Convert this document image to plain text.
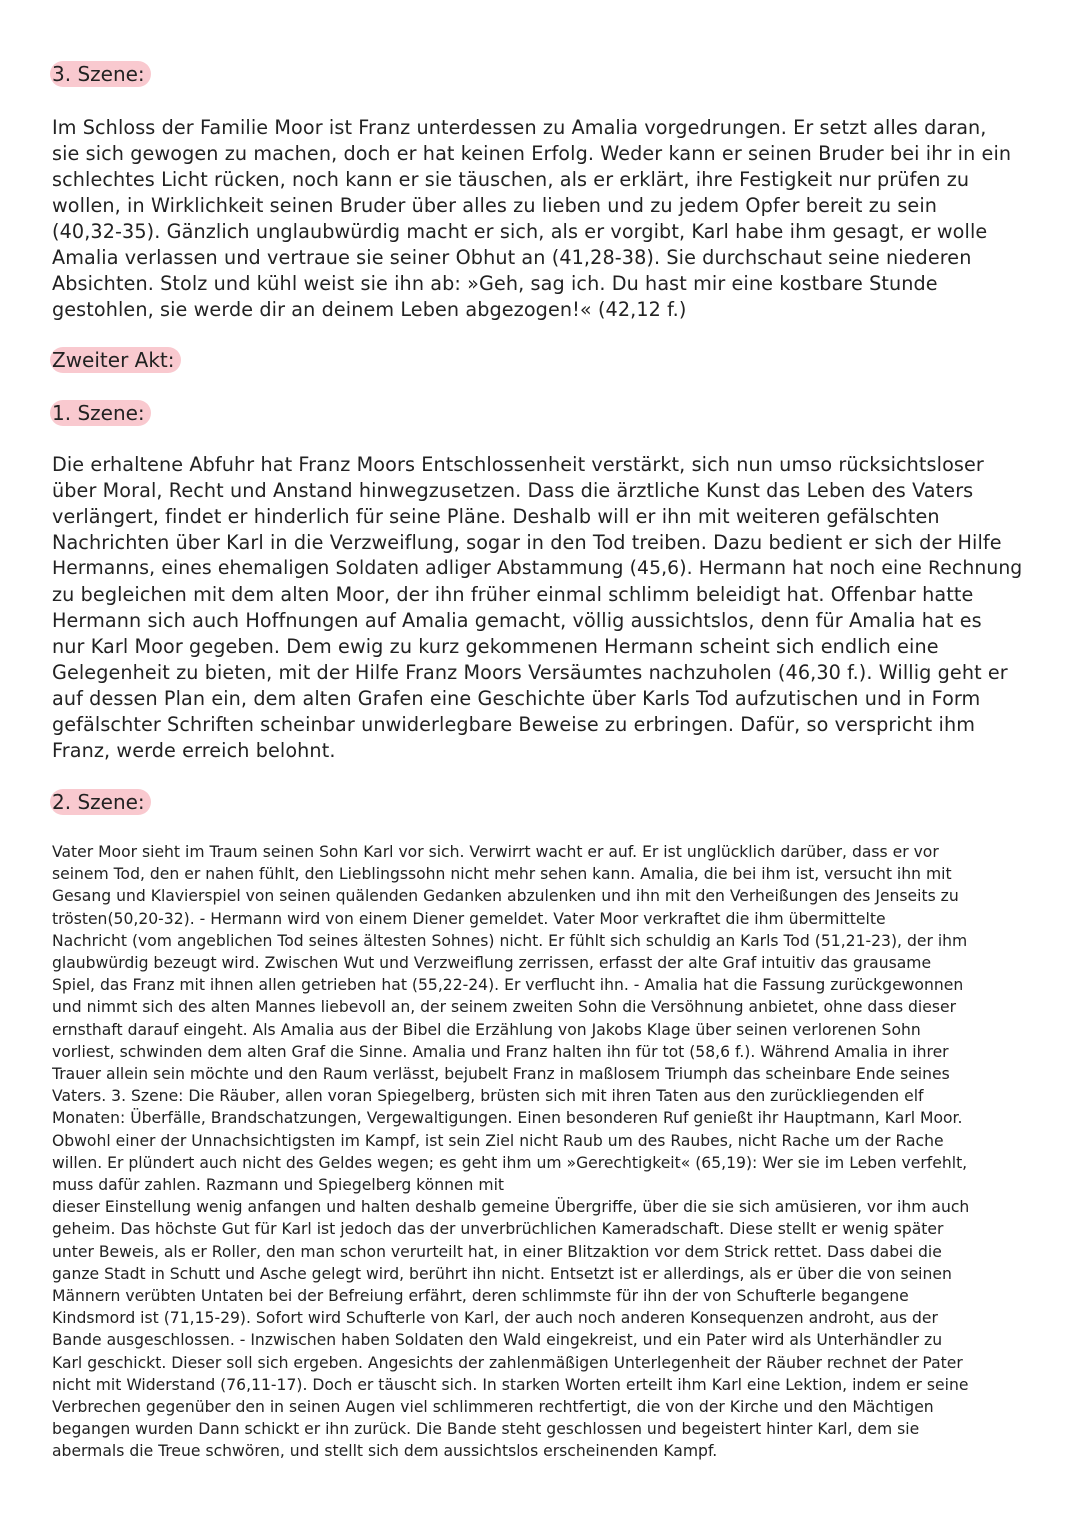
3. Szene:
Im Schloss der Familie Moor ist Franz unterdessen zu Amalia vorgedrungen. Er setzt alles daran,
sie sich gewogen zu machen, doch er hat keinen Erfolg. Weder kann er seinen Bruder bei ihr in ein
schlechtes Licht rücken, noch kann er sie täuschen, als er erklärt, ihre Festigkeit nur prüfen zu
wollen, in Wirklichkeit seinen Bruder über alles zu lieben und zu jedem Opfer bereit zu sein
(40,32-35). Gänzlich unglaubwürdig macht er sich, als er vorgibt, Karl habe ihm gesagt, er wolle
Amalia verlassen und vertraue sie seiner Obhut an (41,28-38). Sie durchschaut seine niederen
Absichten. Stolz und kühl weist sie ihn ab: »Geh, sag ich. Du hast mir eine kostbare Stunde
gestohlen, sie werde dir an deinem Leben abgezogen!« (42,12 f.)
Zweiter Akt:
1. Szene:
Die erhaltene Abfuhr hat Franz Moors Entschlossenheit verstärkt, sich nun umso rücksichtsloser
über Moral, Recht und Anstand hinwegzusetzen. Dass die ärztliche Kunst das Leben des Vaters
verlängert, findet er hinderlich für seine Pläne. Deshalb will er ihn mit weiteren gefälschten
Nachrichten über Karl in die Verzweiflung, sogar in den Tod treiben. Dazu bedient er sich der Hilfe
Hermanns, eines ehemaligen Soldaten adliger Abstammung (45,6). Hermann hat noch eine Rechnung
zu begleichen mit dem alten Moor, der ihn früher einmal schlimm beleidigt hat. Offenbar hatte
Hermann sich auch Hoffnungen auf Amalia gemacht, völlig aussichtslos, denn für Amalia hat es
nur Karl Moor gegeben. Dem ewig zu kurz gekommenen Hermann scheint sich endlich eine
Gelegenheit zu bieten, mit der Hilfe Franz Moors Versäumtes nachzuholen (46,30 f.). Willig geht er
auf dessen Plan ein, dem alten Grafen eine Geschichte über Karls Tod aufzutischen und in Form
gefälschter Schriften scheinbar unwiderlegbare Beweise zu erbringen. Dafür, so verspricht ihm
Franz, werde erreich belohnt.
2. Szene:
Vater Moor sieht im Traum seinen Sohn Karl vor sich. Verwirrt wacht er auf. Er ist unglücklich darüber, dass er vor
seinem Tod, den er nahen fühlt, den Lieblingssohn nicht mehr sehen kann. Amalia, die bei ihm ist, versucht ihn mit
Gesang und Klavierspiel von seinen quälenden Gedanken abzulenken und ihn mit den Verheißungen des Jenseits zu
trösten(50,20-32). - Hermann wird von einem Diener gemeldet. Vater Moor verkraftet die ihm übermittelte
Nachricht (vom angeblichen Tod seines ältesten Sohnes) nicht. Er fühlt sich schuldig an Karls Tod (51,21-23), der ihm
glaubwürdig bezeugt wird. Zwischen Wut und Verzweiflung zerrissen, erfasst der alte Graf intuitiv das grausame
Spiel, das Franz mit ihnen allen getrieben hat (55,22-24). Er verflucht ihn. - Amalia hat die Fassung zurückgewonnen
und nimmt sich des alten Mannes liebevoll an, der seinem zweiten Sohn die Versöhnung anbietet, ohne dass dieser
ernsthaft darauf eingeht. Als Amalia aus der Bibel die Erzählung von Jakobs Klage über seinen verlorenen Sohn
vorliest, schwinden dem alten Graf die Sinne. Amalia und Franz halten ihn für tot (58,6 f.). Während Amalia in ihrer
Trauer allein sein möchte und den Raum verlässt, bejubelt Franz in maßlosem Triumph das scheinbare Ende seines
Vaters. 3. Szene: Die Räuber, allen voran Spiegelberg, brüsten sich mit ihren Taten aus den zurückliegenden elf
Monaten: Überfälle, Brandschatzungen, Vergewaltigungen. Einen besonderen Ruf genießt ihr Hauptmann, Karl Moor.
Obwohl einer der Unnachsichtigsten im Kampf, ist sein Ziel nicht Raub um des Raubes, nicht Rache um der Rache
willen. Er plündert auch nicht des Geldes wegen; es geht ihm um »Gerechtigkeit« (65,19): Wer sie im Leben verfehlt,
muss dafür zahlen. Razmann und Spiegelberg können mit
dieser Einstellung wenig anfangen und halten deshalb gemeine Übergriffe, über die sie sich amüsieren, vor ihm auch
geheim. Das höchste Gut für Karl ist jedoch das der unverbrüchlichen Kameradschaft. Diese stellt er wenig später
unter Beweis, als er Roller, den man schon verurteilt hat, in einer Blitzaktion vor dem Strick rettet. Dass dabei die
ganze Stadt in Schutt und Asche gelegt wird, berührt ihn nicht. Entsetzt ist er allerdings, als er über die von seinen
Männern verübten Untaten bei der Befreiung erfährt, deren schlimmste für ihn der von Schufterle begangene
Kindsmord ist (71,15-29). Sofort wird Schufterle von Karl, der auch noch anderen Konsequenzen androht, aus der
Bande ausgeschlossen. - Inzwischen haben Soldaten den Wald eingekreist, und ein Pater wird als Unterhändler zu
Karl geschickt. Dieser soll sich ergeben. Angesichts der zahlenmäßigen Unterlegenheit der Räuber rechnet der Pater
nicht mit Widerstand (76,11-17). Doch er täuscht sich. In starken Worten erteilt ihm Karl eine Lektion, indem er seine
Verbrechen gegenüber den in seinen Augen viel schlimmeren rechtfertigt, die von der Kirche und den Mächtigen
begangen wurden Dann schickt er ihn zurück. Die Bande steht geschlossen und begeistert hinter Karl, dem sie
abermals die Treue schwören, und stellt sich dem aussichtslos erscheinenden Kampf.
